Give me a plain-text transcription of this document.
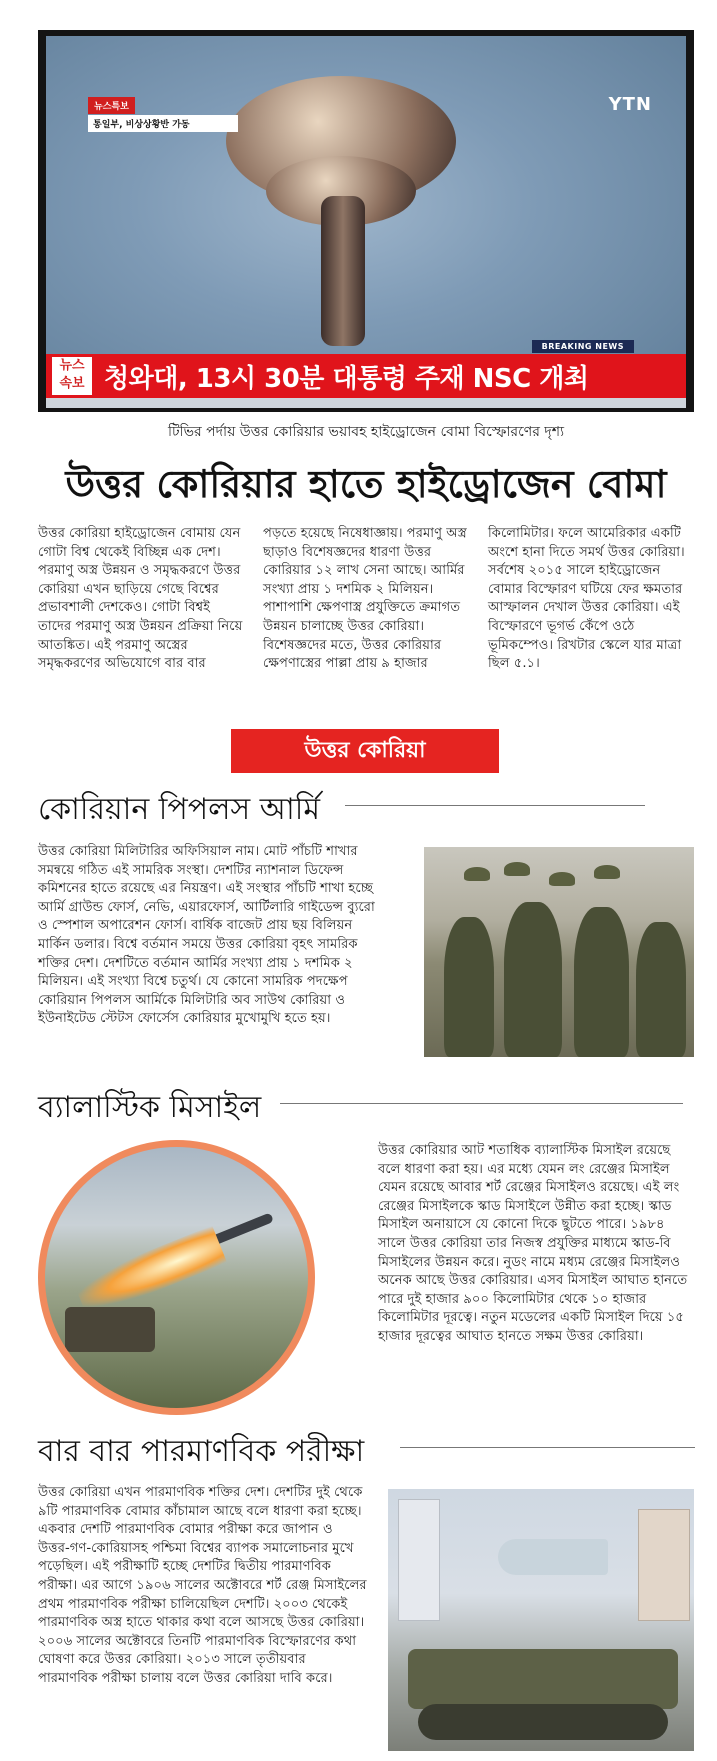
뉴스특보
통일부, 비상상황반 가동
YTN
BREAKING NEWS
뉴스 속보 청와대, 13시 30분 대통령 주재 NSC 개최
টিভির পর্দায় উত্তর কোরিয়ার ভয়াবহ হাইড্রোজেন বোমা বিস্ফোরণের দৃশ্য
উত্তর কোরিয়ার হাতে হাইড্রোজেন বোমা
উত্তর কোরিয়া হাইড্রোজেন বোমায় যেন গোটা বিশ্ব থেকেই বিচ্ছিন্ন এক দেশ। পরমাণু অস্ত্র উন্নয়ন ও সমৃদ্ধকরণে উত্তর কোরিয়া এখন ছাড়িয়ে গেছে বিশ্বের প্রভাবশালী দেশকেও। গোটা বিশ্বই তাদের পরমাণু অস্ত্র উন্নয়ন প্রক্রিয়া নিয়ে আতঙ্কিত। এই পরমাণু অস্ত্রের সমৃদ্ধকরণের অভিযোগে বার বার
পড়তে হয়েছে নিষেধাজ্ঞায়। পরমাণু অস্ত্র ছাড়াও বিশেষজ্ঞদের ধারণা উত্তর কোরিয়ার ১২ লাখ সেনা আছে। আর্মির সংখ্যা প্রায় ১ দশমিক ২ মিলিয়ন। পাশাপাশি ক্ষেপণাস্ত্র প্রযুক্তিতে ক্রমাগত উন্নয়ন চালাচ্ছে উত্তর কোরিয়া। বিশেষজ্ঞদের মতে, উত্তর কোরিয়ার ক্ষেপণাস্ত্রের পাল্লা প্রায় ৯ হাজার
কিলোমিটার। ফলে আমেরিকার একটি অংশে হানা দিতে সমর্থ উত্তর কোরিয়া। সর্বশেষ ২০১৫ সালে হাইড্রোজেন বোমার বিস্ফোরণ ঘটিয়ে ফের ক্ষমতার আস্ফালন দেখাল উত্তর কোরিয়া। এই বিস্ফোরণে ভূগর্ভ কেঁপে ওঠে ভূমিকম্পেও। রিখটার স্কেলে যার মাত্রা ছিল ৫.১।
উত্তর কোরিয়া
কোরিয়ান পিপলস আর্মি
উত্তর কোরিয়া মিলিটারির অফিসিয়াল নাম। মোট পাঁচটি শাখার সমন্বয়ে গঠিত এই সামরিক সংস্থা। দেশটির ন্যাশনাল ডিফেন্স কমিশনের হাতে রয়েছে এর নিয়ন্ত্রণ। এই সংস্থার পাঁচটি শাখা হচ্ছে আর্মি গ্রাউন্ড ফোর্স, নেভি, এয়ারফোর্স, আর্টিলারি গাইডেন্স ব্যুরো ও স্পেশাল অপারেশন ফোর্স। বার্ষিক বাজেট প্রায় ছয় বিলিয়ন মার্কিন ডলার। বিশ্বে বর্তমান সময়ে উত্তর কোরিয়া বৃহৎ সামরিক শক্তির দেশ। দেশটিতে বর্তমান আর্মির সংখ্যা প্রায় ১ দশমিক ২ মিলিয়ন। এই সংখ্যা বিশ্বে চতুর্থ। যে কোনো সামরিক পদক্ষেপ কোরিয়ান পিপলস আর্মিকে মিলিটারি অব সাউথ কোরিয়া ও ইউনাইটেড স্টেটস ফোর্সেস কোরিয়ার মুখোমুখি হতে হয়।
ব্যালাস্টিক মিসাইল
উত্তর কোরিয়ার আট শতাধিক ব্যালাস্টিক মিসাইল রয়েছে বলে ধারণা করা হয়। এর মধ্যে যেমন লং রেঞ্জের মিসাইল যেমন রয়েছে আবার শর্ট রেঞ্জের মিসাইলও রয়েছে। এই লং রেঞ্জের মিসাইলকে স্কাড মিসাইলে উন্নীত করা হচ্ছে। স্কাড মিসাইল অনায়াসে যে কোনো দিকে ছুটতে পারে। ১৯৮৪ সালে উত্তর কোরিয়া তার নিজস্ব প্রযুক্তির মাধ্যমে স্কাড-বি মিসাইলের উন্নয়ন করে। নুডং নামে মধ্যম রেঞ্জের মিসাইলও অনেক আছে উত্তর কোরিয়ার। এসব মিসাইল আঘাত হানতে পারে দুই হাজার ৯০০ কিলোমিটার থেকে ১০ হাজার কিলোমিটার দূরত্বে। নতুন মডেলের একটি মিসাইল দিয়ে ১৫ হাজার দূরত্বের আঘাত হানতে সক্ষম উত্তর কোরিয়া।
বার বার পারমাণবিক পরীক্ষা
উত্তর কোরিয়া এখন পারমাণবিক শক্তির দেশ। দেশটির দুই থেকে ৯টি পারমাণবিক বোমার কাঁচামাল আছে বলে ধারণা করা হচ্ছে। একবার দেশটি পারমাণবিক বোমার পরীক্ষা করে জাপান ও উত্তর-গণ-কোরিয়াসহ পশ্চিমা বিশ্বের ব্যাপক সমালোচনার মুখে পড়েছিল। এই পরীক্ষাটি হচ্ছে দেশটির দ্বিতীয় পারমাণবিক পরীক্ষা। এর আগে ১৯০৬ সালের অক্টোবরে শর্ট রেঞ্জ মিসাইলের প্রথম পারমাণবিক পরীক্ষা চালিয়েছিল দেশটি। ২০০৩ থেকেই পারমাণবিক অস্ত্র হাতে থাকার কথা বলে আসছে উত্তর কোরিয়া। ২০০৬ সালের অক্টোবরে তিনটি পারমাণবিক বিস্ফোরণের কথা ঘোষণা করে উত্তর কোরিয়া। ২০১৩ সালে তৃতীয়বার পারমাণবিক পরীক্ষা চালায় বলে উত্তর কোরিয়া দাবি করে।
